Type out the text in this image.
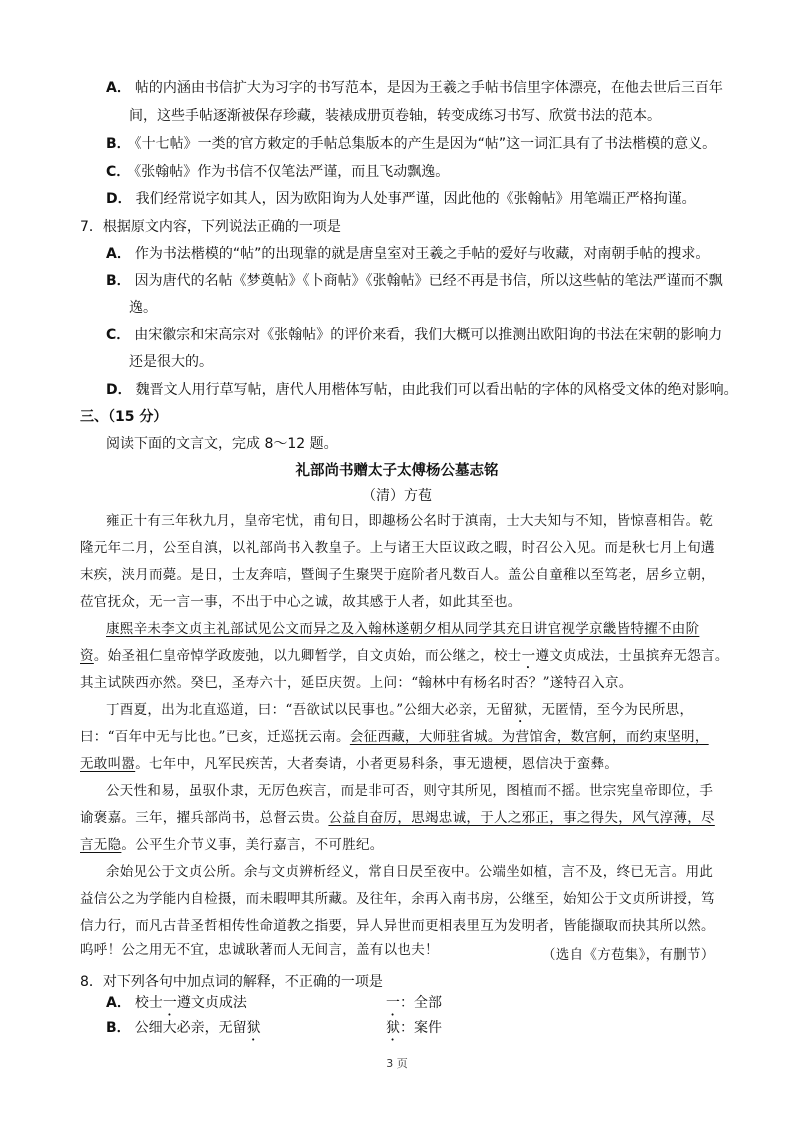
A． 帖的内涵由书信扩大为习字的书写范本，是因为王羲之手帖书信里字体漂亮，在他去世后三百年
间，这些手帖逐渐被保存珍藏，装裱成册页卷轴，转变成练习书写、欣赏书法的范本。
B． 《十七帖》一类的官方敕定的手帖总集版本的产生是因为“帖”这一词汇具有了书法楷模的意义。
C． 《张翰帖》作为书信不仅笔法严谨，而且飞动飘逸。
D． 我们经常说字如其人，因为欧阳询为人处事严谨，因此他的《张翰帖》用笔端正严格拘谨。
7．根据原文内容，下列说法正确的一项是
A． 作为书法楷模的“帖”的出现靠的就是唐皇室对王羲之手帖的爱好与收藏，对南朝手帖的搜求。
B． 因为唐代的名帖《梦奠帖》《卜商帖》《张翰帖》已经不再是书信，所以这些帖的笔法严谨而不飘
逸。
C． 由宋徽宗和宋高宗对《张翰帖》的评价来看，我们大概可以推测出欧阳询的书法在宋朝的影响力
还是很大的。
D． 魏晋文人用行草写帖，唐代人用楷体写帖，由此我们可以看出帖的字体的风格受文体的绝对影响。
三、（15 分）
阅读下面的文言文，完成 8～12 题。
礼部尚书赠太子太傅杨公墓志铭
（清）方苞
雍正十有三年秋九月，皇帝宅忧，甫旬日，即趣杨公名时于滇南，士大夫知与不知，皆惊喜相告。乾
隆元年二月，公至自滇，以礼部尚书入教皇子。上与诸王大臣议政之暇，时召公入见。而是秋七月上旬遘
末疾，浃月而薨。是日，士友奔唁，暨闽子生聚哭于庭阶者凡数百人。盖公自童稚以至笃老，居乡立朝，
莅官抚众，无一言一事，不出于中心之诚，故其感于人者，如此其至也。
康熙辛未李文贞主礼部试见公文而异之及入翰林遂朝夕相从同学其充日讲官视学京畿皆特擢不由阶
资。始圣祖仁皇帝悼学政废弛，以九卿暂学，自文贞始，而公继之，校士一遵文贞成法，士虽摈弃无怨言。
其主试陕西亦然。癸巳，圣寿六十，延臣庆贺。上问：“翰林中有杨名时否？”遂特召入京。
丁酉夏，出为北直巡道，曰：“吾欲试以民事也。”公细大必亲，无留狱，无匿情，至今为民所思，
曰：“百年中无与比也。”已亥，迁巡抚云南。会征西藏，大师驻省城。为营馆舍，数宫舸，而约束坚明，
无敢叫嚣。七年中，凡军民疾苦，大者奏请，小者更易科条，事无遗梗，恩信决于蛮彝。
公天性和易，虽驭仆隶，无厉色疾言，而是非可否，则守其所见，图植而不摇。世宗宪皇帝即位，手
谕褒嘉。三年，擢兵部尚书，总督云贵。公益自奋厉，思竭忠诚，于人之邪正，事之得失，风气淳薄，尽
言无隐。公平生介节义事，美行嘉言，不可胜纪。
余始见公于文贞公所。余与文贞辨析经义，常自日昃至夜中。公端坐如植，言不及，终已无言。用此
益信公之为学能内自检摄，而未暇呷其所藏。及往年，余再入南书房，公继至，始知公于文贞所讲授，笃
信力行，而凡古昔圣哲相传性命道教之指要，异人异世而更相表里互为发明者，皆能撷取而抉其所以然。
呜呼！公之用无不宜，忠诚耿著而人无间言，盖有以也夫！	（选自《方苞集》，有删节）
8．对下列各句中加点词的解释，不正确的一项是
A． 校士一遵文贞成法	一：全部
B． 公细大必亲，无留狱	狱：案件
3 页
